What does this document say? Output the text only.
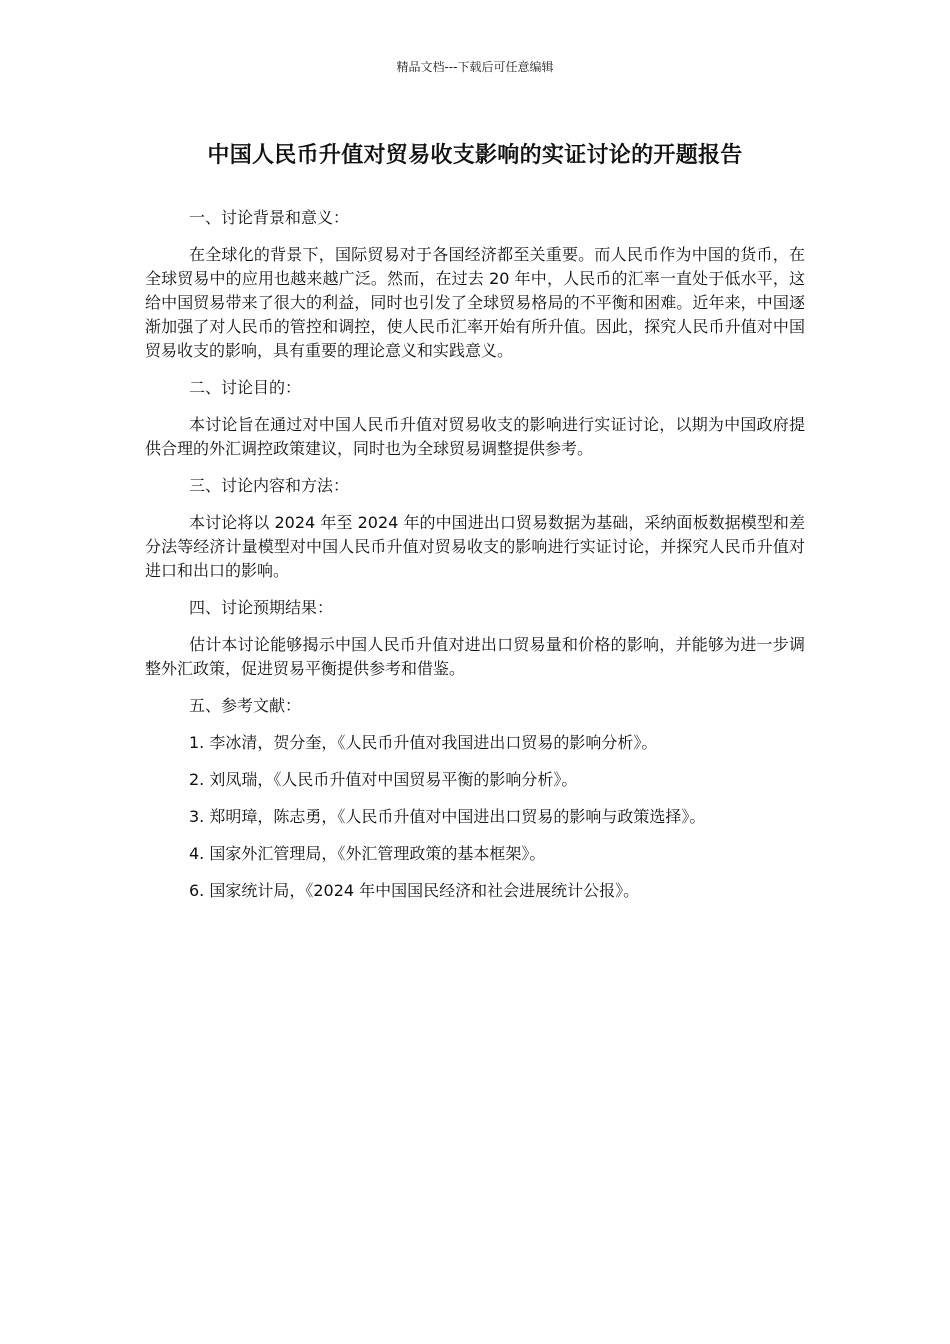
精品文档---下载后可任意编辑
中国人民币升值对贸易收支影响的实证讨论的开题报告
一、讨论背景和意义：
在全球化的背景下，国际贸易对于各国经济都至关重要。而人民币作为中国的货币，在全球贸易中的应用也越来越广泛。然而，在过去 20 年中，人民币的汇率一直处于低水平，这给中国贸易带来了很大的利益，同时也引发了全球贸易格局的不平衡和困难。近年来，中国逐渐加强了对人民币的管控和调控，使人民币汇率开始有所升值。因此，探究人民币升值对中国贸易收支的影响，具有重要的理论意义和实践意义。
二、讨论目的：
本讨论旨在通过对中国人民币升值对贸易收支的影响进行实证讨论，以期为中国政府提供合理的外汇调控政策建议，同时也为全球贸易调整提供参考。
三、讨论内容和方法：
本讨论将以 2024 年至 2024 年的中国进出口贸易数据为基础，采纳面板数据模型和差分法等经济计量模型对中国人民币升值对贸易收支的影响进行实证讨论，并探究人民币升值对进口和出口的影响。
四、讨论预期结果：
估计本讨论能够揭示中国人民币升值对进出口贸易量和价格的影响，并能够为进一步调整外汇政策，促进贸易平衡提供参考和借鉴。
五、参考文献：
1. 李冰清，贺分奎，《人民币升值对我国进出口贸易的影响分析》。
2. 刘凤瑞，《人民币升值对中国贸易平衡的影响分析》。
3. 郑明璋，陈志勇，《人民币升值对中国进出口贸易的影响与政策选择》。
4. 国家外汇管理局，《外汇管理政策的基本框架》。
6. 国家统计局，《2024 年中国国民经济和社会进展统计公报》。
